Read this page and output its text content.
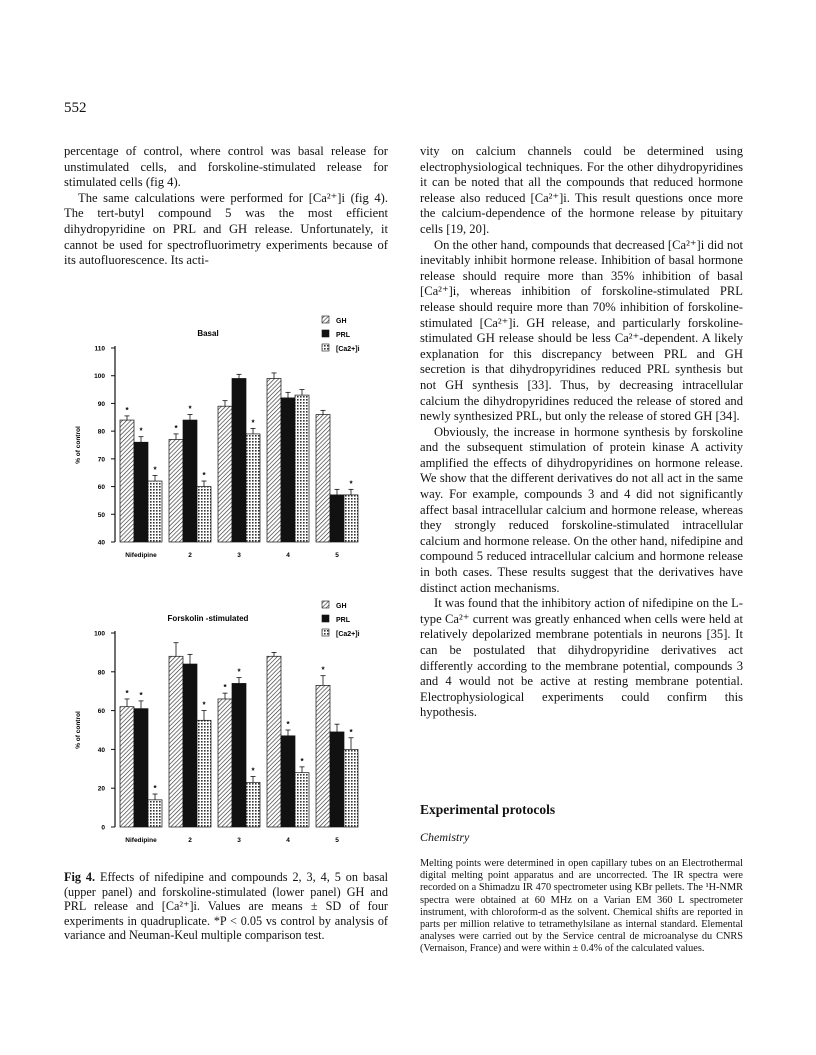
552

percentage of control, where control was basal release for unstimulated cells, and forskoline-stimulated release for stimulated cells (fig 4).

The same calculations were performed for [Ca²⁺]i (fig 4). The tert-butyl compound 5 was the most efficient dihydropyridine on PRL and GH release. Unfortunately, it cannot be used for spectrofluorimetry experiments because of its autofluorescence. Its acti-

vity on calcium channels could be determined using electrophysiological techniques. For the other dihydropyridines it can be noted that all the compounds that reduced hormone release also reduced [Ca²⁺]i. This result questions once more the calcium-dependence of the hormone release by pituitary cells [19, 20].

On the other hand, compounds that decreased [Ca²⁺]i did not inevitably inhibit hormone release. Inhibition of basal hormone release should require more than 35% inhibition of basal [Ca²⁺]i, whereas inhibition of forskoline-stimulated PRL release should require more than 70% inhibition of forskoline-stimulated [Ca²⁺]i. GH release, and particularly forskoline-stimulated GH release should be less Ca²⁺-dependent. A likely explanation for this discrepancy between PRL and GH secretion is that dihydropyridines reduced PRL synthesis but not GH synthesis [33]. Thus, by decreasing intracellular calcium the dihydropyridines reduced the release of stored and newly synthesized PRL, but only the release of stored GH [34].

Obviously, the increase in hormone synthesis by forskoline and the subsequent stimulation of protein kinase A activity amplified the effects of dihydropyridines on hormone release. We show that the different derivatives do not all act in the same way. For example, compounds 3 and 4 did not significantly affect basal intracellular calcium and hormone release, whereas they strongly reduced forskoline-stimulated intracellular calcium and hormone release. On the other hand, nifedipine and compound 5 reduced intracellular calcium and hormone release in both cases. These results suggest that the derivatives have distinct action mechanisms.

It was found that the inhibitory action of nifedipine on the L-type Ca²⁺ current was greatly enhanced when cells were held at relatively depolarized membrane potentials in neurons [35]. It can be postulated that dihydropyridine derivatives act differently according to the membrane potential, compounds 3 and 4 would not be active at resting membrane potential. Electrophysiological experiments could confirm this hypothesis.

Experimental protocols
Chemistry
Melting points were determined in open capillary tubes on an Electrothermal digital melting point apparatus and are uncorrected. The IR spectra were recorded on a Shimadzu IR 470 spectrometer using KBr pellets. The ¹H-NMR spectra were obtained at 60 MHz on a Varian EM 360 L spectrometer instrument, with chloroform-d as the solvent. Chemical shifts are reported in parts per million relative to tetramethylsilane as internal standard. Elemental analyses were carried out by the Service central de microanalyse du CNRS (Vernaison, France) and were within ± 0.4% of the calculated values.
Basal
GH
PRL
[Ca2+]i
110
100
90
80
70
60
50
40
% of control
*
*
*
Nifedipine
*
*
*
2
*
3	4
*
5
Forskolin -stimulated
GH
PRL
[Ca2+]i
100
80
60
40
20
0
% of control
* *
*
Nifedipine
*
2
*
*
*
3
*
*
4
*
*
5
Fig 4. Effects of nifedipine and compounds 2, 3, 4, 5 on basal (upper panel) and forskoline-stimulated (lower panel) GH and PRL release and [Ca²⁺]i. Values are means ± SD of four experiments in quadruplicate. *P < 0.05 vs control by analysis of variance and Neuman-Keul multiple comparison test.
